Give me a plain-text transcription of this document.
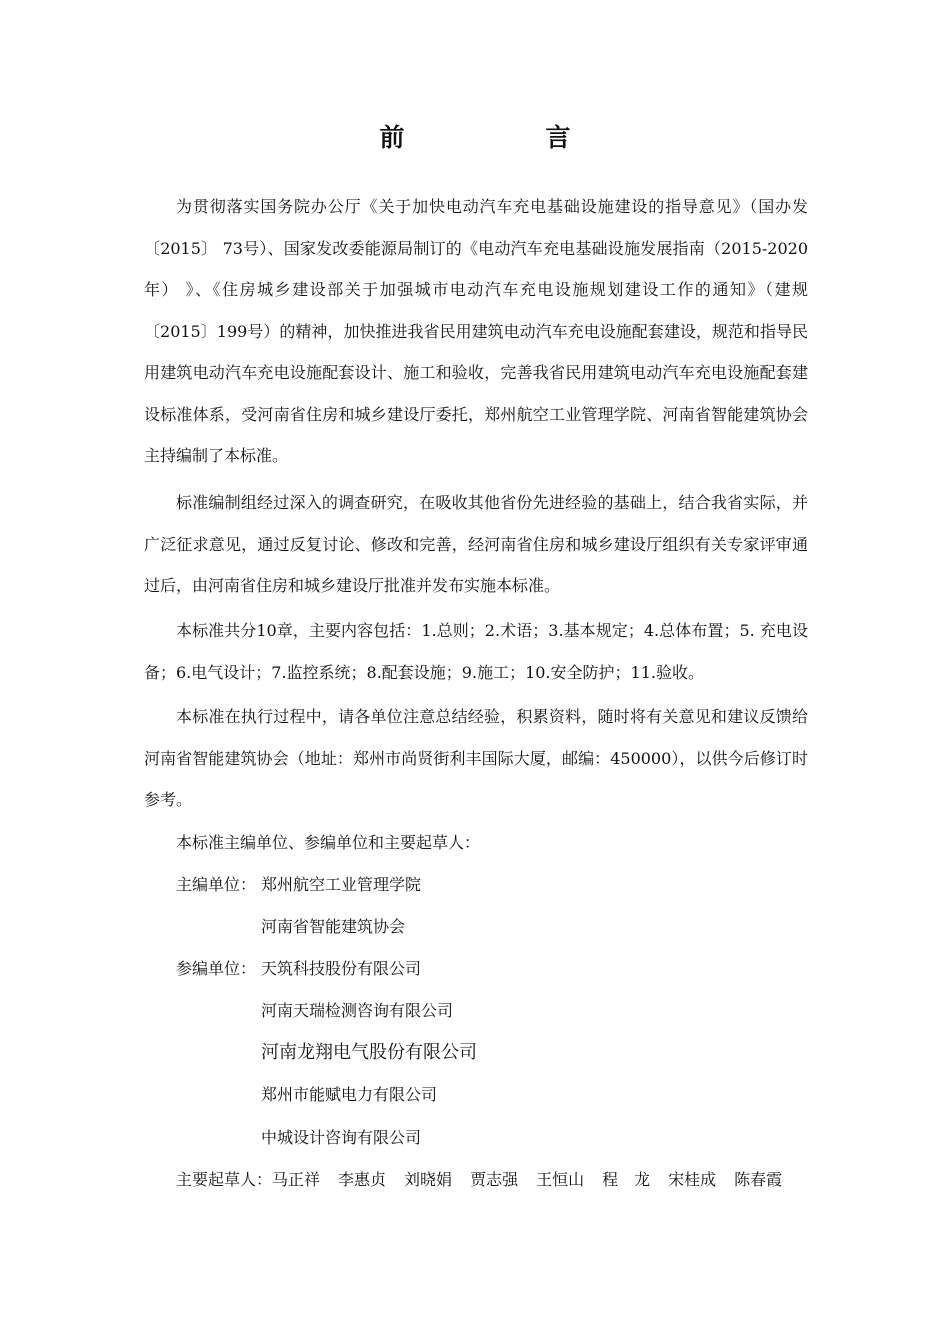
前　言

为贯彻落实国务院办公厅《关于加快电动汽车充电基础设施建设的指导意见》（国办发〔2015〕 73号）、国家发改委能源局制订的《电动汽车充电基础设施发展指南（2015-2020年） 》、《住房城乡建设部关于加强城市电动汽车充电设施规划建设工作的通知》（建规〔2015〕199号）的精神，加快推进我省民用建筑电动汽车充电设施配套建设，规范和指导民用建筑电动汽车充电设施配套设计、施工和验收，完善我省民用建筑电动汽车充电设施配套建设标准体系，受河南省住房和城乡建设厅委托，郑州航空工业管理学院、河南省智能建筑协会主持编制了本标准。

标准编制组经过深入的调查研究，在吸收其他省份先进经验的基础上，结合我省实际，并广泛征求意见，通过反复讨论、修改和完善，经河南省住房和城乡建设厅组织有关专家评审通过后，由河南省住房和城乡建设厅批准并发布实施本标准。

本标准共分10章，主要内容包括：1.总则；2.术语；3.基本规定；4.总体布置；5. 充电设备；6.电气设计；7.监控系统；8.配套设施；9.施工；10.安全防护；11.验收。

本标准在执行过程中，请各单位注意总结经验，积累资料，随时将有关意见和建议反馈给河南省智能建筑协会（地址：郑州市尚贤街利丰国际大厦，邮编：450000），以供今后修订时参考。

本标准主编单位、参编单位和主要起草人：
主编单位： 郑州航空工业管理学院
河南省智能建筑协会
参编单位： 天筑科技股份有限公司
河南天瑞检测咨询有限公司
河南龙翔电气股份有限公司
郑州市能赋电力有限公司
中城设计咨询有限公司
主要起草人：马正祥 李惠贞 刘晓娟 贾志强 王恒山 程　龙 宋桂成 陈春霞
